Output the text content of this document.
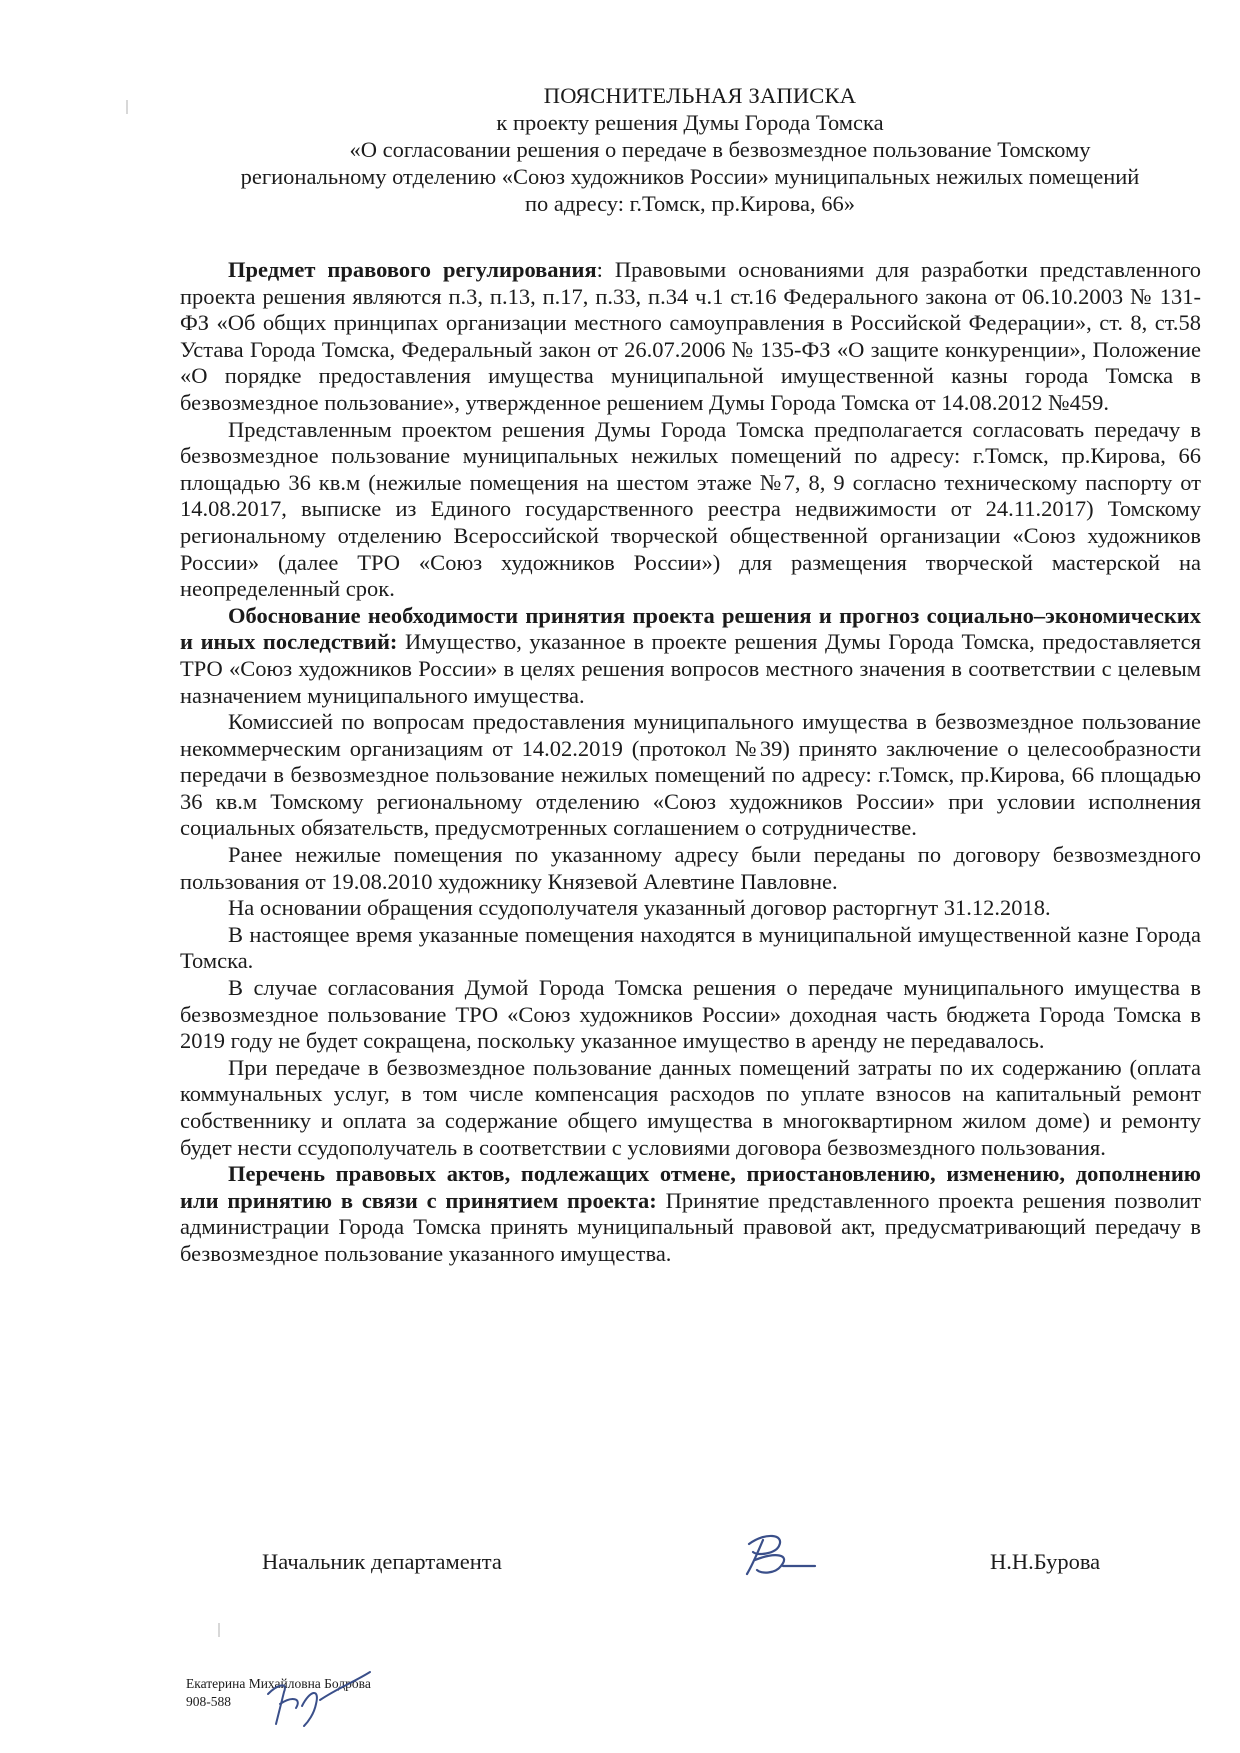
ПОЯСНИТЕЛЬНАЯ ЗАПИСКА
к проекту решения Думы Города Томска
«О согласовании решения о передаче в безвозмездное пользование Томскому
региональному отделению «Союз художников России» муниципальных нежилых помещений
по адресу: г.Томск, пр.Кирова, 66»

Предмет правового регулирования: Правовыми основаниями для разработки представленного проекта решения являются п.3, п.13, п.17, п.33, п.34 ч.1 ст.16 Федерального закона от 06.10.2003 № 131-ФЗ «Об общих принципах организации местного самоуправления в Российской Федерации», ст. 8, ст.58 Устава Города Томска, Федеральный закон от 26.07.2006 № 135-ФЗ «О защите конкуренции», Положение «О порядке предоставления имущества муниципальной имущественной казны города Томска в безвозмездное пользование», утвержденное решением Думы Города Томска от 14.08.2012 №459.

Представленным проектом решения Думы Города Томска предполагается согласовать передачу в безвозмездное пользование муниципальных нежилых помещений по адресу: г.Томск, пр.Кирова, 66 площадью 36 кв.м (нежилые помещения на шестом этаже №7, 8, 9 согласно техническому паспорту от 14.08.2017, выписке из Единого государственного реестра недвижимости от 24.11.2017) Томскому региональному отделению Всероссийской творческой общественной организации «Союз художников России» (далее ТРО «Союз художников России») для размещения творческой мастерской на неопределенный срок.

Обоснование необходимости принятия проекта решения и прогноз социально–экономических и иных последствий: Имущество, указанное в проекте решения Думы Города Томска, предоставляется ТРО «Союз художников России» в целях решения вопросов местного значения в соответствии с целевым назначением муниципального имущества.

Комиссией по вопросам предоставления муниципального имущества в безвозмездное пользование некоммерческим организациям от 14.02.2019 (протокол №39) принято заключение о целесообразности передачи в безвозмездное пользование нежилых помещений по адресу: г.Томск, пр.Кирова, 66 площадью 36 кв.м Томскому региональному отделению «Союз художников России» при условии исполнения социальных обязательств, предусмотренных соглашением о сотрудничестве.

Ранее нежилые помещения по указанному адресу были переданы по договору безвозмездного пользования от 19.08.2010 художнику Князевой Алевтине Павловне.

На основании обращения ссудополучателя указанный договор расторгнут 31.12.2018.

В настоящее время указанные помещения находятся в муниципальной имущественной казне Города Томска.

В случае согласования Думой Города Томска решения о передаче муниципального имущества в безвозмездное пользование ТРО «Союз художников России» доходная часть бюджета Города Томска в 2019 году не будет сокращена, поскольку указанное имущество в аренду не передавалось.

При передаче в безвозмездное пользование данных помещений затраты по их содержанию (оплата коммунальных услуг, в том числе компенсация расходов по уплате взносов на капитальный ремонт собственнику и оплата за содержание общего имущества в многоквартирном жилом доме) и ремонту будет нести ссудополучатель в соответствии с условиями договора безвозмездного пользования.

Перечень правовых актов, подлежащих отмене, приостановлению, изменению, дополнению или принятию в связи с принятием проекта: Принятие представленного проекта решения позволит администрации Города Томска принять муниципальный правовой акт, предусматривающий передачу в безвозмездное пользование указанного имущества.

Начальник департамента	Н.Н.Бурова
Екатерина Михайловна Бодрова
908-588
